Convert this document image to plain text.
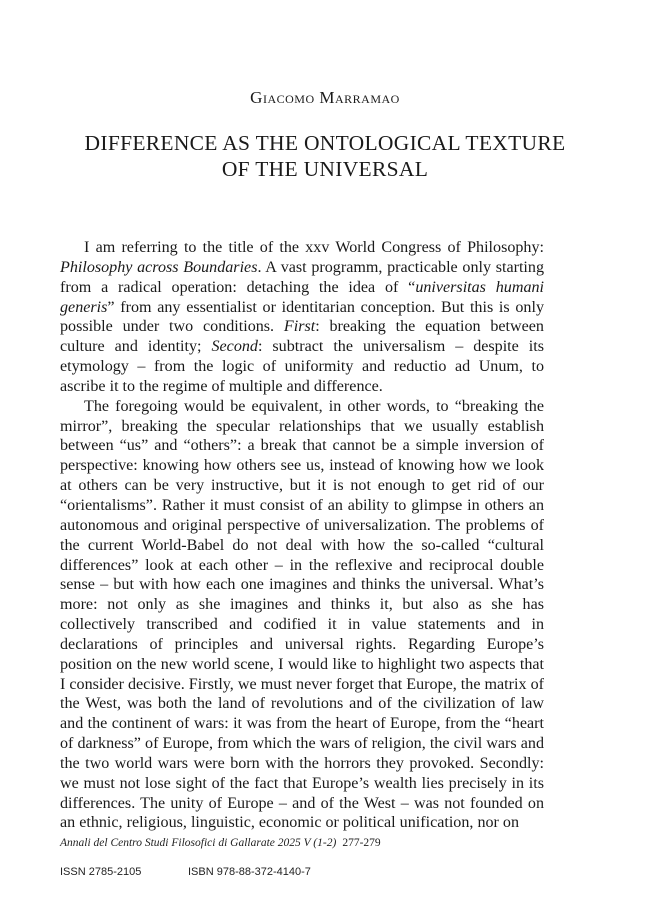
Giacomo Marramao
DIFFERENCE AS THE ONTOLOGICAL TEXTURE
OF THE UNIVERSAL

I am referring to the title of the xxv World Congress of Philosophy: Philosophy across Boundaries. A vast programm, practicable only starting from a radical operation: detaching the idea of “universitas humani generis” from any essentialist or identitarian conception. But this is only possible under two conditions. First: breaking the equation between culture and identity; Second: subtract the universalism – despite its etymology – from the logic of uniformity and reductio ad Unum, to ascribe it to the regime of multiple and difference.

The foregoing would be equivalent, in other words, to “breaking the mirror”, breaking the specular relationships that we usually establish between “us” and “others”: a break that cannot be a simple inversion of perspective: knowing how others see us, instead of knowing how we look at others can be very instructive, but it is not enough to get rid of our “orientalisms”. Rather it must consist of an ability to glimpse in others an autonomous and original perspective of universalization. The problems of the current World-Babel do not deal with how the so-called “cultural differences” look at each other – in the reflexive and reciprocal double sense – but with how each one imagines and thinks the universal. What’s more: not only as she imagines and thinks it, but also as she has collectively transcribed and codified it in value statements and in declarations of principles and universal rights. Regarding Europe’s position on the new world scene, I would like to highlight two aspects that I consider decisive. Firstly, we must never forget that Europe, the matrix of the West, was both the land of revolutions and of the civilization of law and the continent of wars: it was from the heart of Europe, from the “heart of darkness” of Europe, from which the wars of religion, the civil wars and the two world wars were born with the horrors they provoked. Secondly: we must not lose sight of the fact that Europe’s wealth lies precisely in its differences. The unity of Europe – and of the West – was not founded on an ethnic, religious, linguistic, economic or political unification, nor on

Annali del Centro Studi Filosofici di Gallarate 2025 V (1-2) 277-279
ISSN 2785-2105	ISBN 978-88-372-4140-7
